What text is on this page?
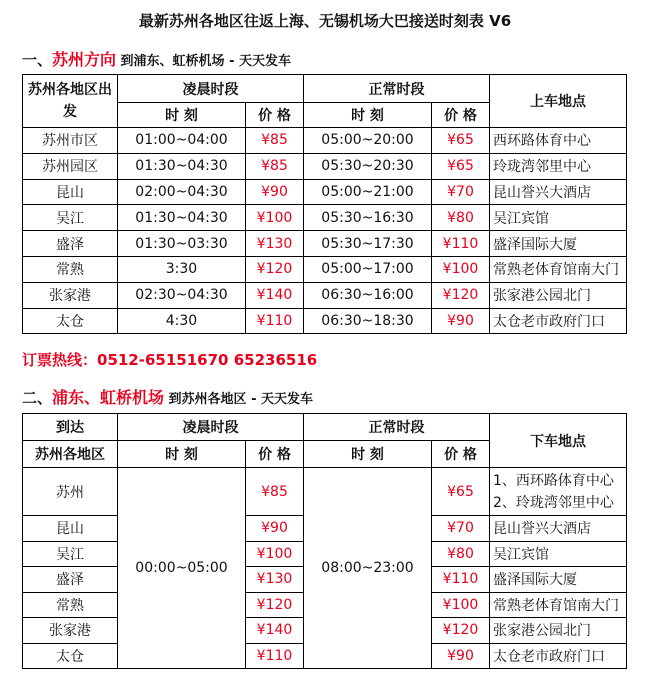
最新苏州各地区往返上海、无锡机场大巴接送时刻表 V6
一、苏州方向 到浦东、虹桥机场 - 天天发车
苏州各地区出发	凌晨时段		正常时段		上车地点
	时 刻	价 格	时 刻	价 格	
苏州市区	01:00~04:00	¥85	05:00~20:00	¥65	西环路体育中心
苏州园区	01:30~04:30	¥85	05:30~20:30	¥65	玲珑湾邻里中心
昆山	02:00~04:30	¥90	05:00~21:00	¥70	昆山誉兴大酒店
吴江	01:30~04:30	¥100	05:30~16:30	¥80	吴江宾馆
盛泽	01:30~03:30	¥130	05:30~17:30	¥110	盛泽国际大厦
常熟	3:30	¥120	05:00~17:00	¥100	常熟老体育馆南大门
张家港	02:30~04:30	¥140	06:30~16:00	¥120	张家港公园北门
太仓	4:30	¥110	06:30~18:30	¥90	太仓老市政府门口
订票热线：0512-65151670 65236516
二、浦东、虹桥机场 到苏州各地区 - 天天发车
到达	凌晨时段		正常时段		下车地点
苏州各地区	时 刻	价 格	时 刻	价 格	
苏州	00:00~05:00	¥85	08:00~23:00	¥65	1、西环路体育中心
2、玲珑湾邻里中心

昆山		¥90		¥70	昆山誉兴大酒店
吴江		¥100		¥80	吴江宾馆
盛泽		¥130		¥110	盛泽国际大厦
常熟		¥120		¥100	常熟老体育馆南大门
张家港		¥140		¥120	张家港公园北门
太仓		¥110		¥90	太仓老市政府门口
